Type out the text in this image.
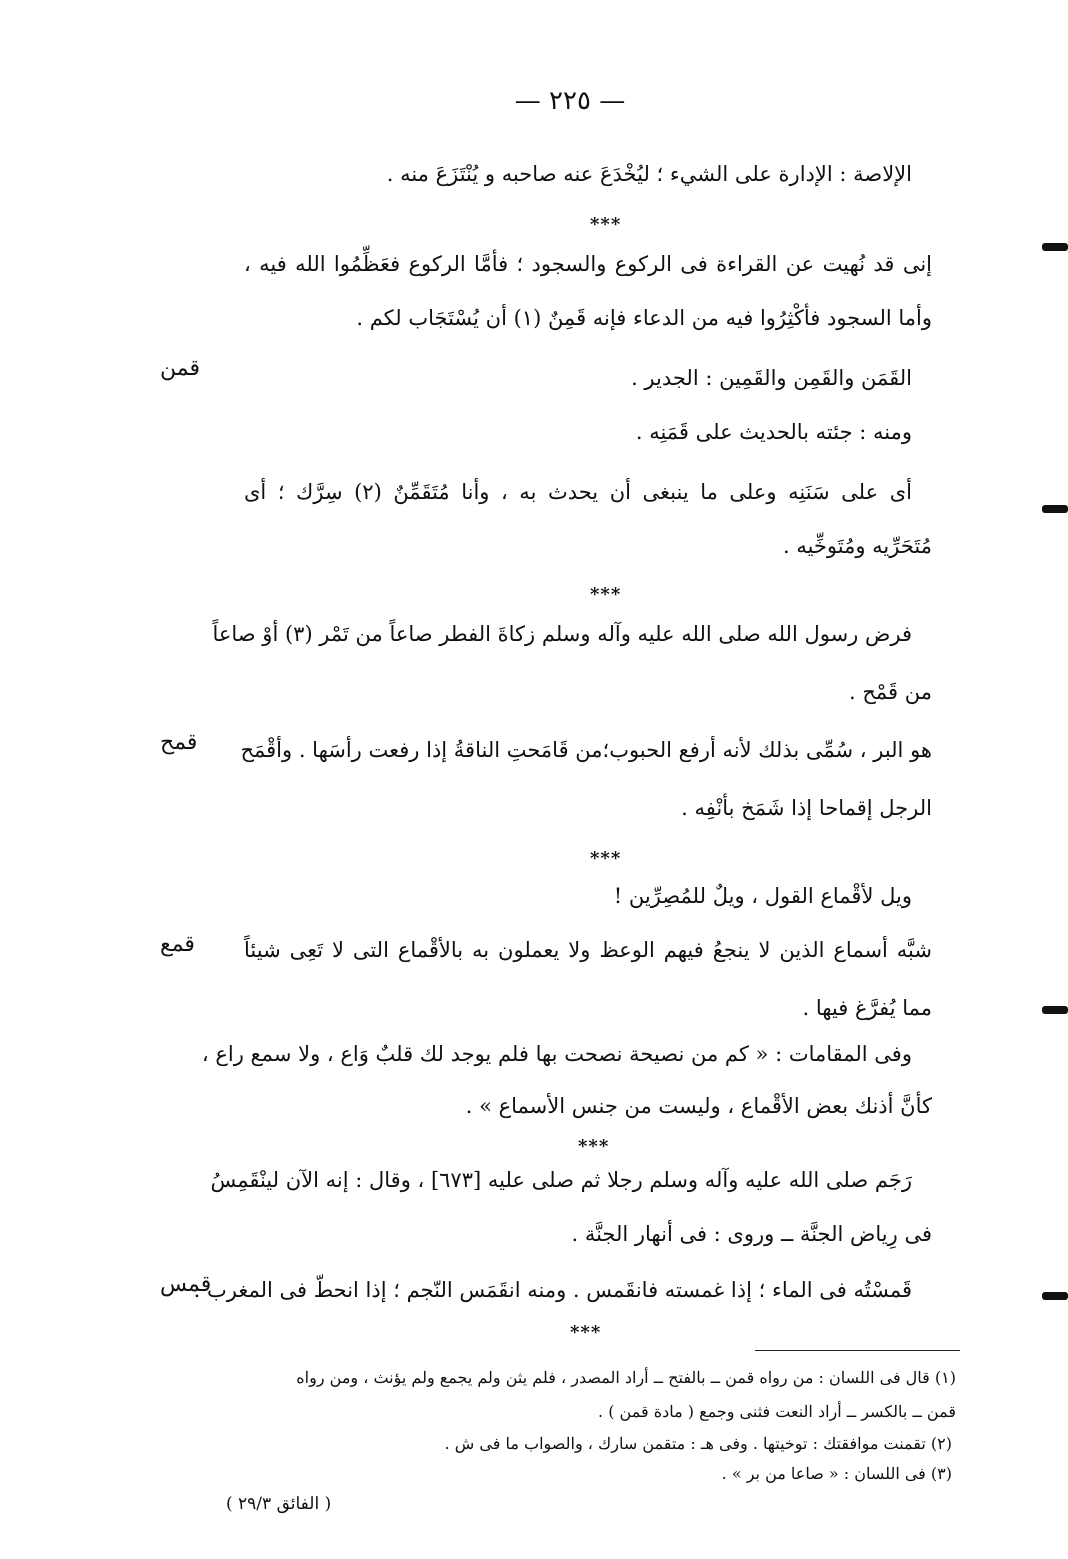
— ٢٢٥ —
الإلاصة : الإدارة على الشيء ؛ ليُخْدَعَ عنه صاحبه و يُنْتَزَعَ منه .
***
إنى قد نُهيت عن القراءة فى الركوع والسجود ؛ فأمَّا الركوع فعَظِّمُوا الله فيه ،
وأما السجود فأكْثِرُوا فيه من الدعاء فإنه قَمِنٌ (١) أن يُسْتَجَاب لكم .
قمن	القَمَن والقَمِن والقَمِين : الجدير .
ومنه : جئته بالحديث على قَمَنِه .
أى على سَنَنِه وعلى ما ينبغى أن يحدث به ، وأنا مُتَقَمِّنٌ (٢) سِرَّك ؛ أى
مُتَحَرِّيه ومُتَوخِّيه .
***
فرض رسول الله صلى الله عليه وآله وسلم زكاةَ الفطر صاعاً من تَمْر (٣) أوْ صاعاً
من قَمْح .
قمح هو البر ، سُمِّى بذلك لأنه أرفع الحبوب؛من قَامَحتِ الناقةُ إذا رفعت رأسَها . وأقْمَح
الرجل إقماحا إذا شَمَخ بأنْفِه .
***
ويل لأقْماع القول ، ويلٌ للمُصِرِّين !
قمع شبَّه أسماع الذين لا ينجعُ فيهم الوعظ ولا يعملون به بالأقْماع التى لا تَعِى شيئاً
مما يُفرَّغ فيها .
وفى المقامات : « كم من نصيحة نصحت بها فلم يوجد لك قلبٌ وَاع ، ولا سمع راع ،
كأنَّ أذنك بعض الأقْماع ، وليست من جنس الأسماع » .
***
رَجَم صلى الله عليه وآله وسلم رجلا ثم صلى عليه [٦٧٣] ، وقال : إنه الآن لينْقَمِسُ
فى رِياض الجنَّة ــ وروى : فى أنهار الجنَّة .
قمس
قَمسْتُه فى الماء ؛ إذا غمسته فانقَمس . ومنه انقَمَس النّجم ؛ إذا انحطّ فى المغرب .
***
(١) قال فى اللسان : من رواه قمن ــ بالفتح ــ أراد المصدر ، فلم يثن ولم يجمع ولم يؤنث ، ومن رواه
قمن ــ بالكسر ــ أراد النعت فثنى وجمع ( مادة قمن ) .
(٢) تقمنت موافقتك : توخيتها . وفى هـ : متقمن سارك ، والصواب ما فى ش .
(٣) فى اللسان : « صاعا من بر » .
( الفائق ٢٩/٣ )
